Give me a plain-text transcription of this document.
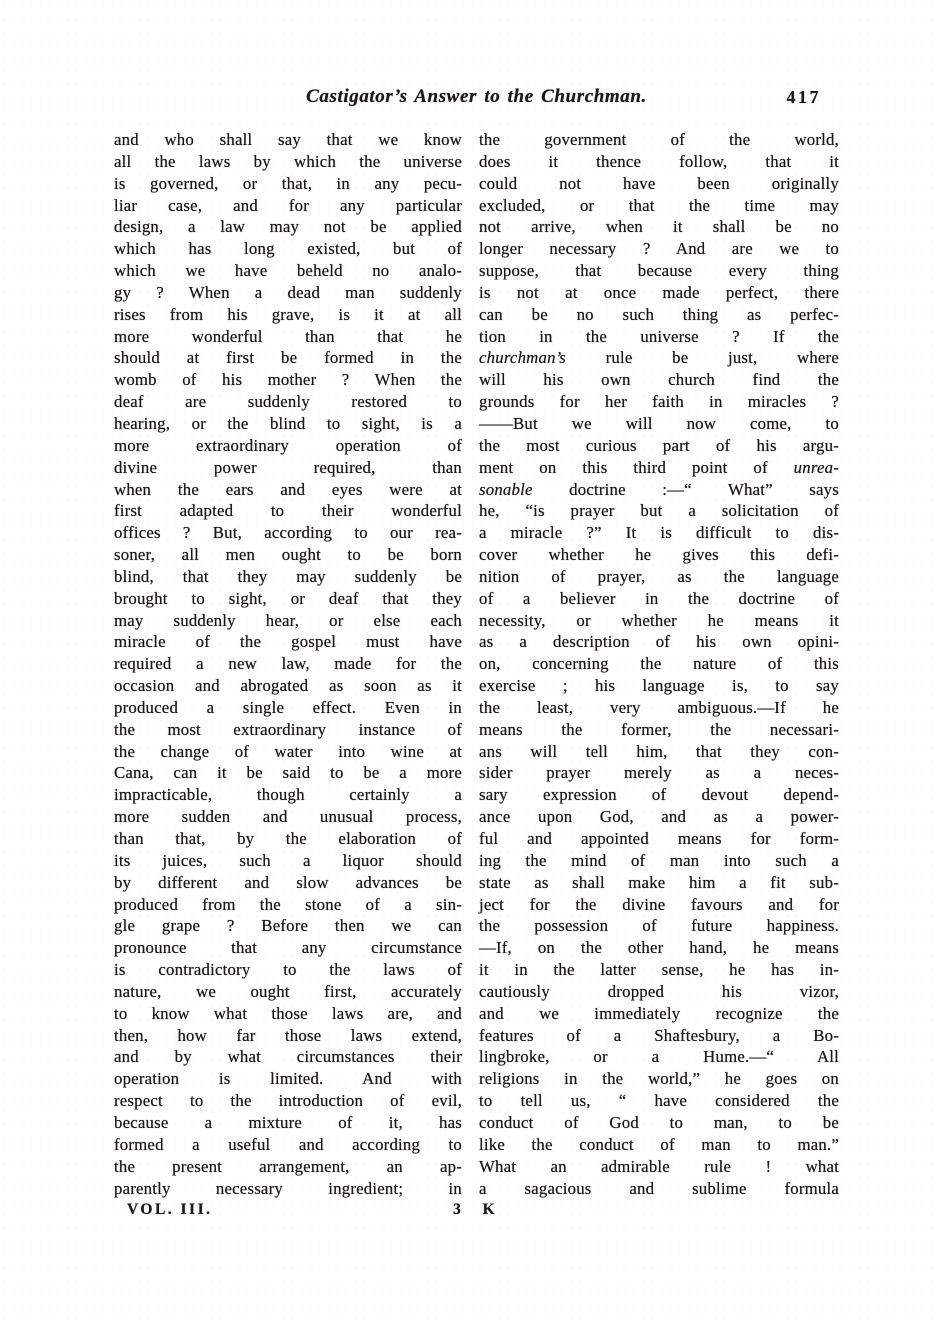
Castigator’s Answer to the Churchman.	417
and who shall say that we know
all the laws by which the universe
is governed, or that, in any pecu-
liar case, and for any particular
design, a law may not be applied
which has long existed, but of
which we have beheld no analo-
gy ? When a dead man suddenly
rises from his grave, is it at all
more wonderful than that he
should at first be formed in the
womb of his mother ? When the
deaf are suddenly restored to
hearing, or the blind to sight, is a
more extraordinary operation of
divine power required, than
when the ears and eyes were at
first adapted to their wonderful
offices ? But, according to our rea-
soner, all men ought to be born
blind, that they may suddenly be
brought to sight, or deaf that they
may suddenly hear, or else each
miracle of the gospel must have
required a new law, made for the
occasion and abrogated as soon as it
produced a single effect. Even in
the most extraordinary instance of
the change of water into wine at
Cana, can it be said to be a more
impracticable, though certainly a
more sudden and unusual process,
than that, by the elaboration of
its juices, such a liquor should
by different and slow advances be
produced from the stone of a sin-
gle grape ? Before then we can
pronounce that any circumstance
is contradictory to the laws of
nature, we ought first, accurately
to know what those laws are, and
then, how far those laws extend,
and by what circumstances their
operation is limited. And with
respect to the introduction of evil,
because a mixture of it, has
formed a useful and according to
the present arrangement, an ap-
parently necessary ingredient; in
the government of the world,
does it thence follow, that it
could not have been originally
excluded, or that the time may
not arrive, when it shall be no
longer necessary ? And are we to
suppose, that because every thing
is not at once made perfect, there
can be no such thing as perfec-
tion in the universe ? If the
churchman’s rule be just, where
will his own church find the
grounds for her faith in miracles ?
——But we will now come, to
the most curious part of his argu-
ment on this third point of unrea-
sonable doctrine :—“ What” says
he, “is prayer but a solicitation of
a miracle ?” It is difficult to dis-
cover whether he gives this defi-
nition of prayer, as the language
of a believer in the doctrine of
necessity, or whether he means it
as a description of his own opini-
on, concerning the nature of this
exercise ; his language is, to say
the least, very ambiguous.—If he
means the former, the necessari-
ans will tell him, that they con-
sider prayer merely as a neces-
sary expression of devout depend-
ance upon God, and as a power-
ful and appointed means for form-
ing the mind of man into such a
state as shall make him a fit sub-
ject for the divine favours and for
the possession of future happiness.
—If, on the other hand, he means
it in the latter sense, he has in-
cautiously dropped his vizor,
and we immediately recognize the
features of a Shaftesbury, a Bo-
lingbroke, or a Hume.—“ All
religions in the world,” he goes on
to tell us, “ have considered the
conduct of God to man, to be
like the conduct of man to man.”
What an admirable rule ! what
a sagacious and sublime formula
VOL. III.	3 K
